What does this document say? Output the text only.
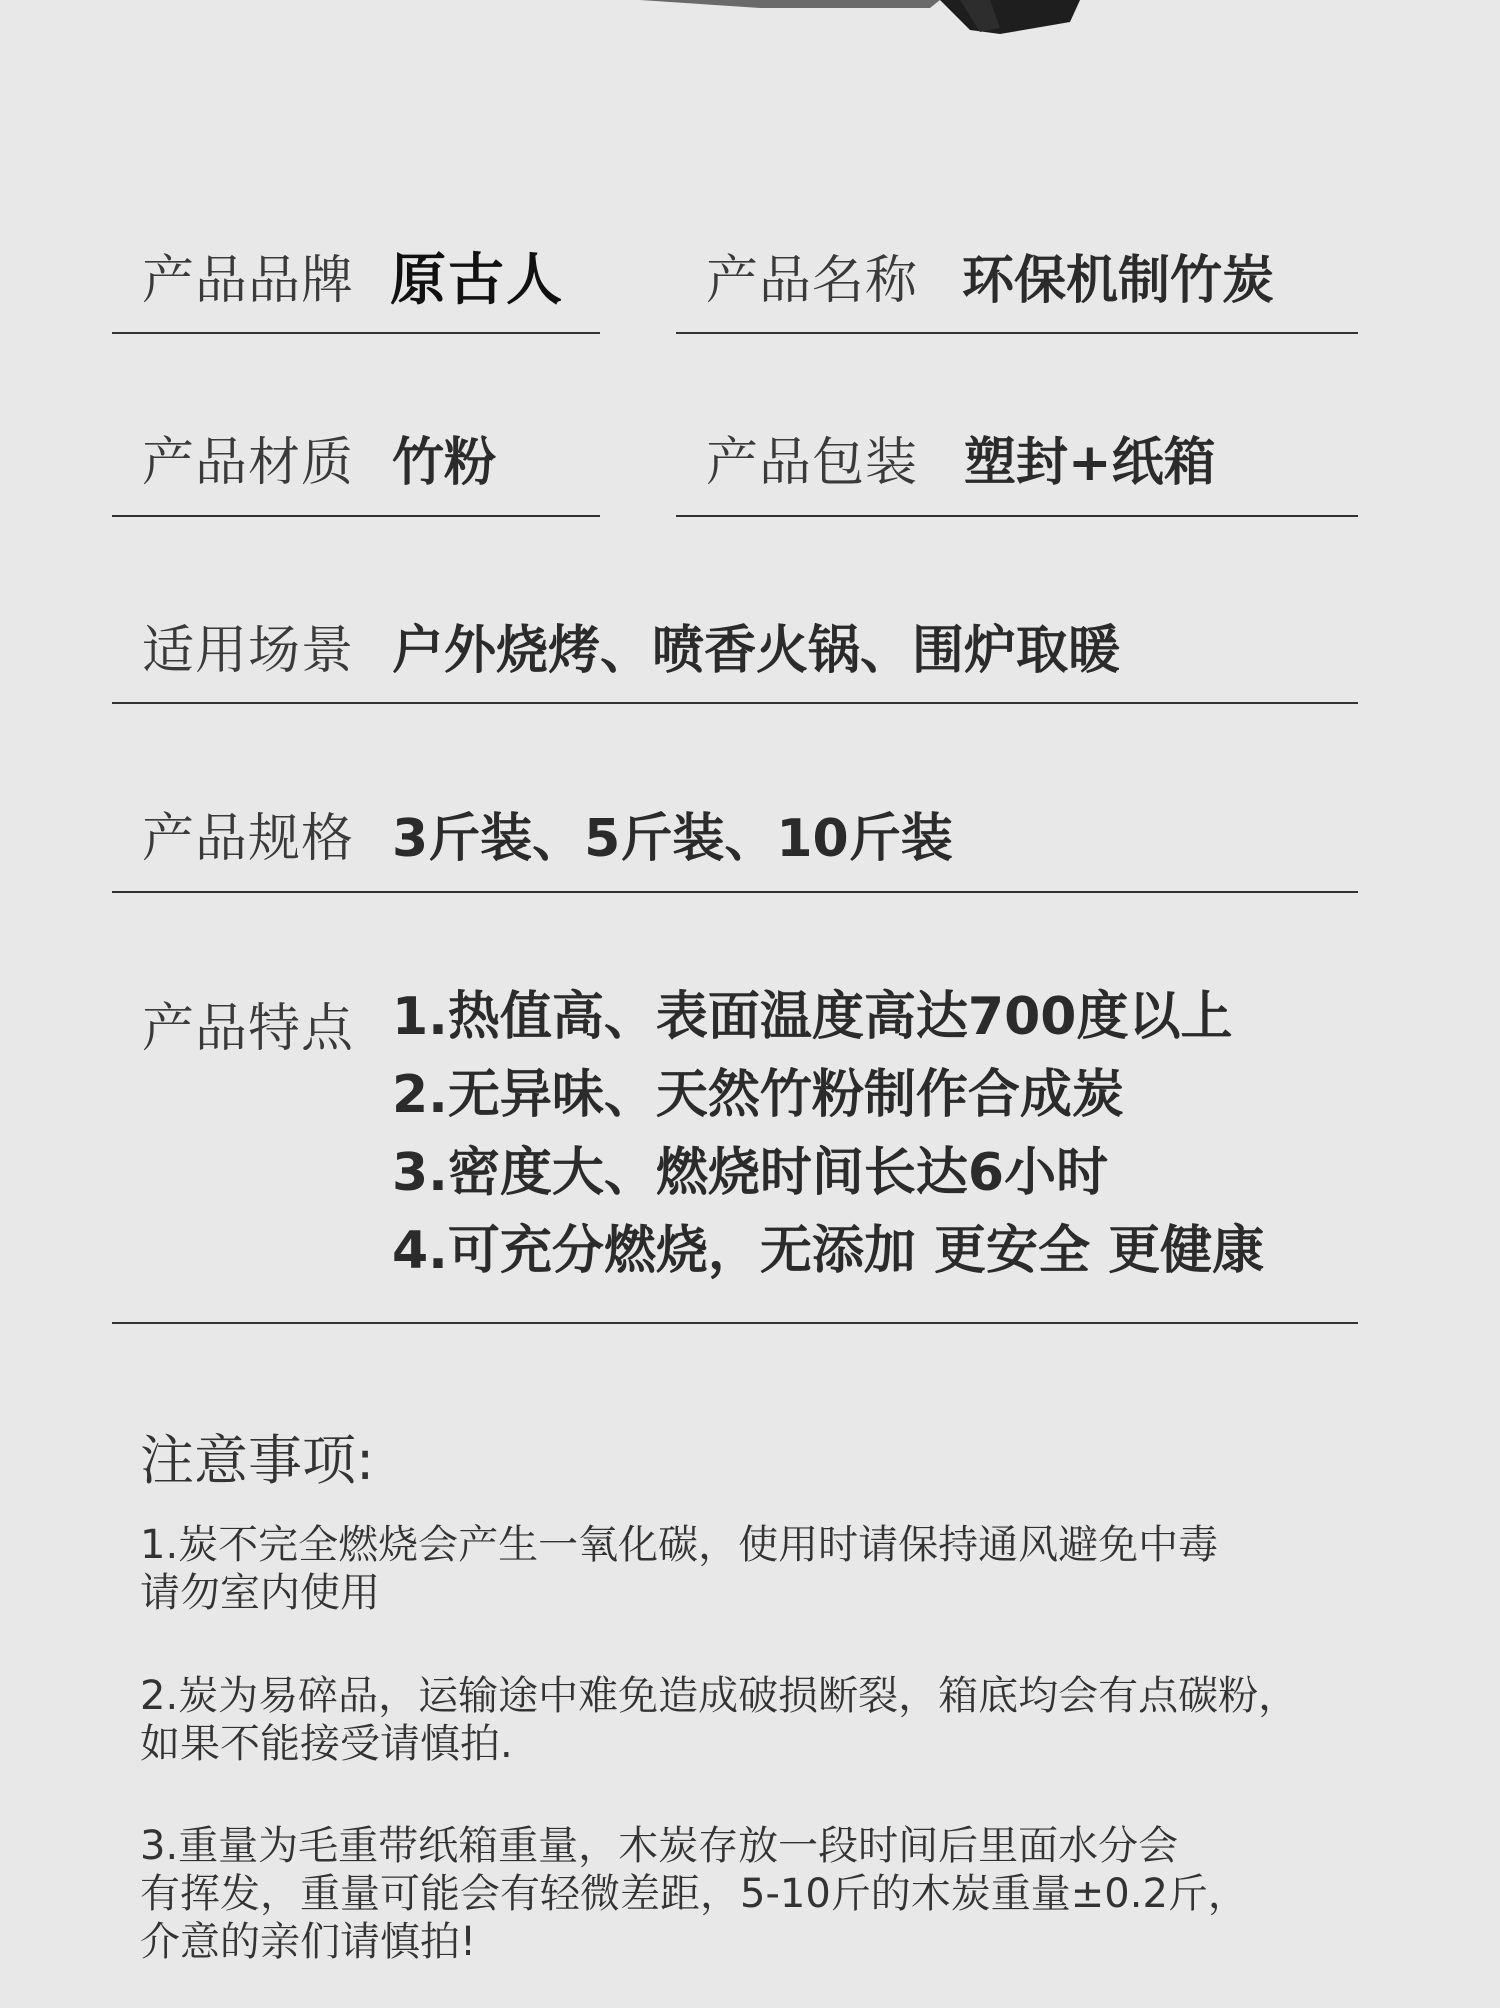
产品品牌 原古人	产品名称 环保机制竹炭
产品材质 竹粉	产品包装 塑封+纸箱
适用场景 户外烧烤、喷香火锅、围炉取暖
产品规格 3斤装、5斤装、10斤装
产品特点 1.热值高、表面温度高达700度以上
2.无异味、天然竹粉制作合成炭
3.密度大、燃烧时间长达6小时
4.可充分燃烧，无添加 更安全 更健康
注意事项:

1.炭不完全燃烧会产生一氧化碳，使用时请保持通风避免中毒
请勿室内使用

2.炭为易碎品，运输途中难免造成破损断裂，箱底均会有点碳粉，
如果不能接受请慎拍.

3.重量为毛重带纸箱重量，木炭存放一段时间后里面水分会
有挥发，重量可能会有轻微差距，5-10斤的木炭重量±0.2斤，
介意的亲们请慎拍!
